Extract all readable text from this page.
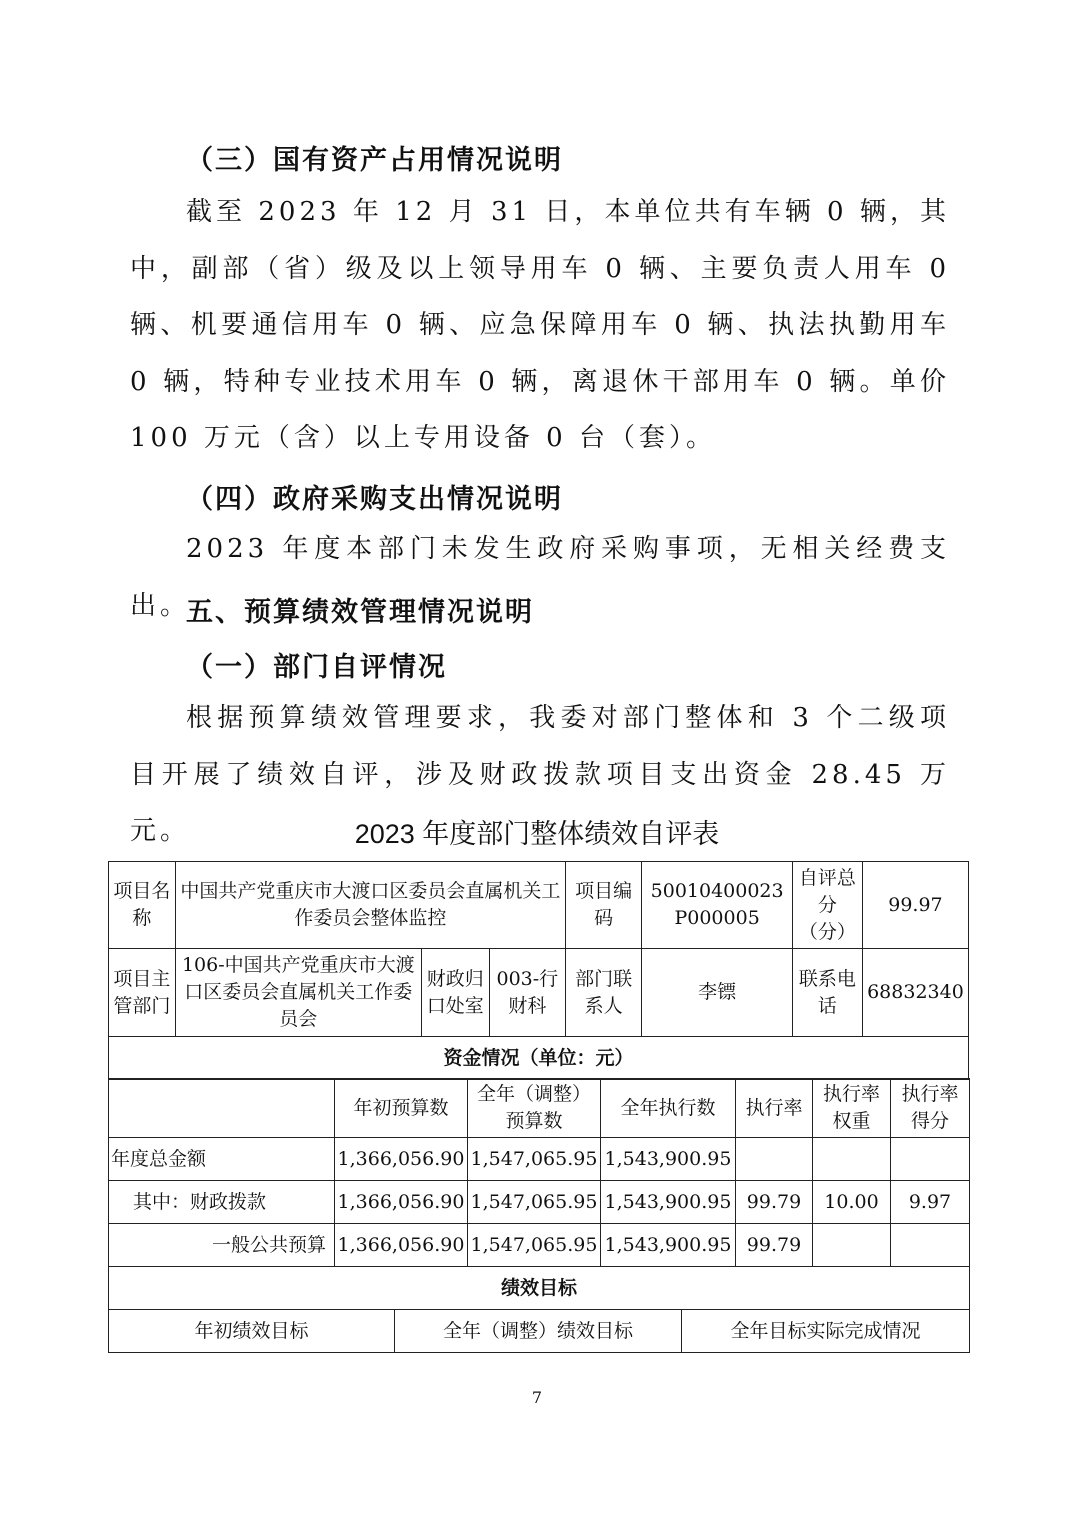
（三）国有资产占用情况说明
截至 2023 年 12 月 31 日，本单位共有车辆 0 辆，其中，副部（省）级及以上领导用车 0 辆、主要负责人用车 0 辆、机要通信用车 0 辆、应急保障用车 0 辆、执法执勤用车 0 辆，特种专业技术用车 0 辆，离退休干部用车 0 辆。单价 100 万元（含）以上专用设备 0 台（套）。
（四）政府采购支出情况说明
2023 年度本部门未发生政府采购事项，无相关经费支出。
五、预算绩效管理情况说明
（一）部门自评情况
根据预算绩效管理要求，我委对部门整体和 3 个二级项目开展了绩效自评，涉及财政拨款项目支出资金 28.45 万元。	2023 年度部门整体绩效自评表
项目名称	中国共产党重庆市大渡口区委员会直属机关工作委员会整体监控			项目编码	50010400023P000005	自评总分（分）	99.97
项目主管部门	106-中国共产党重庆市大渡口区委员会直属机关工作委员会	财政归口处室	003-行财科	部门联系人	李镖	联系电话	68832340
资金情况（单位：元）							
	年初预算数	全年（调整）预算数	全年执行数	执行率	执行率权重	执行率得分
年度总金额	1,366,056.90	1,547,065.95	1,543,900.95			
其中：财政拨款	1,366,056.90	1,547,065.95	1,543,900.95	99.79	10.00	9.97
一般公共预算	1,366,056.90	1,547,065.95	1,543,900.95	99.79		
绩效目标						
年初绩效目标	全年（调整）绩效目标	全年目标实际完成情况
7
